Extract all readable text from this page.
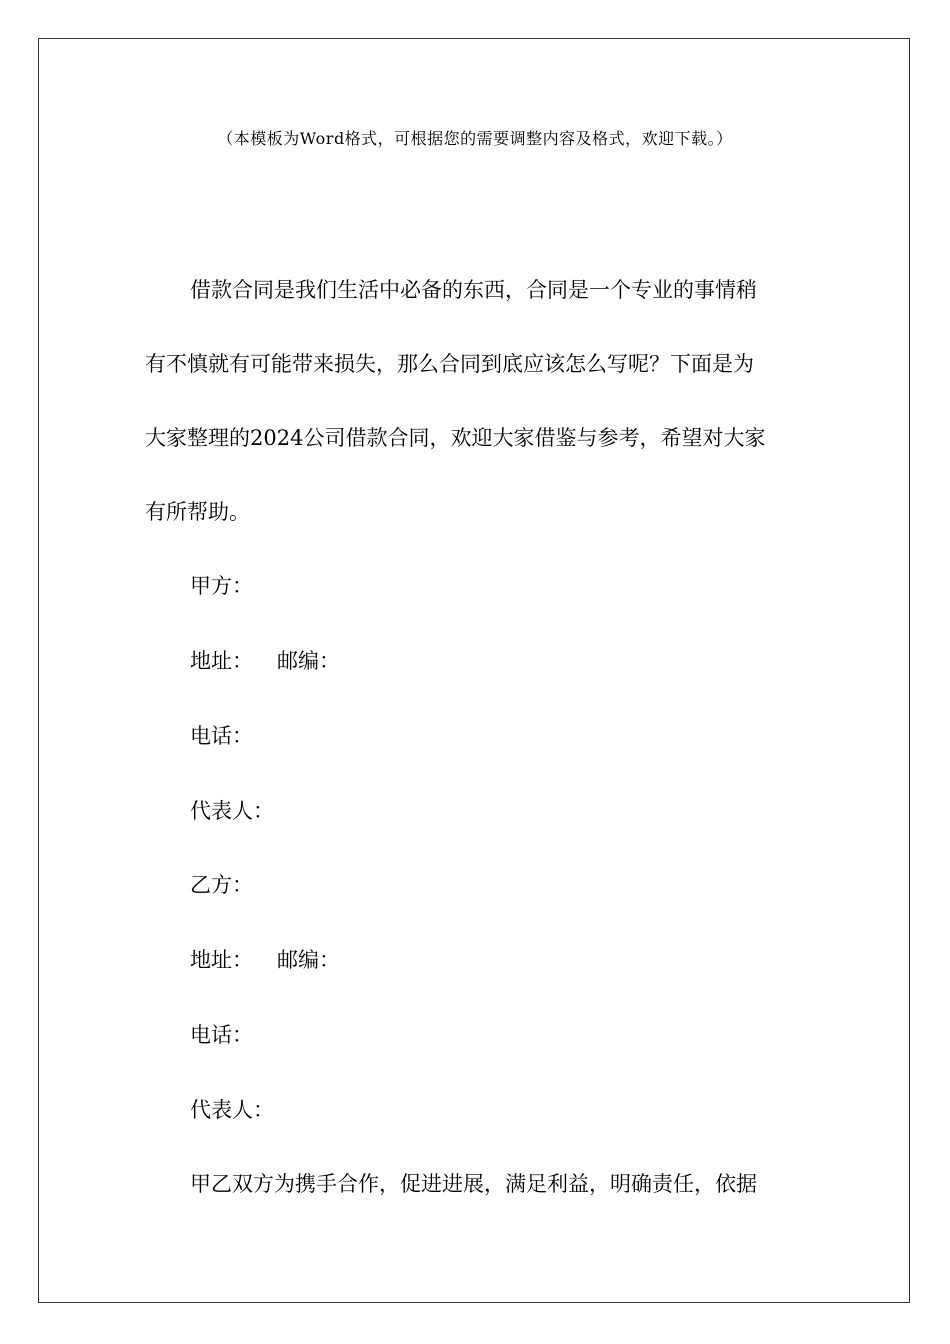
（本模板为Word格式，可根据您的需要调整内容及格式，欢迎下载。）
借款合同是我们生活中必备的东西，合同是一个专业的事情稍
有不慎就有可能带来损失，那么合同到底应该怎么写呢？下面是为
大家整理的2024公司借款合同，欢迎大家借鉴与参考，希望对大家
有所帮助。
甲方：
地址： 邮编：
电话：
代表人：
乙方：
地址： 邮编：
电话：
代表人：
甲乙双方为携手合作，促进进展，满足利益，明确责任，依据
